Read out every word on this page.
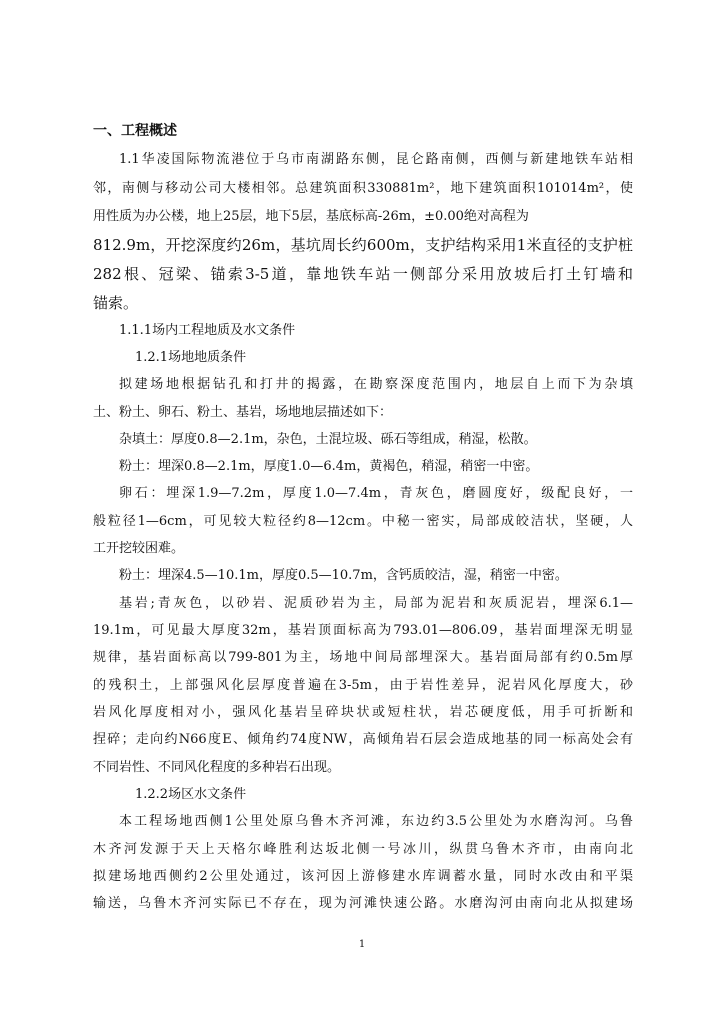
一、工程概述
1.1华凌国际物流港位于乌市南湖路东侧，昆仑路南侧，西侧与新建地铁车站相
邻，南侧与移动公司大楼相邻。总建筑面积330881m²，地下建筑面积101014m²，使
用性质为办公楼，地上25层，地下5层，基底标高-26m，±0.00绝对高程为
812.9m，开挖深度约26m，基坑周长约600m，支护结构采用1米直径的支护桩
282根、冠梁、锚索3-5道，靠地铁车站一侧部分采用放坡后打土钉墙和
锚索。
1.1.1场内工程地质及水文条件
1.2.1场地地质条件
拟建场地根据钻孔和打井的揭露，在勘察深度范围内，地层自上而下为杂填
土、粉土、卵石、粉土、基岩，场地地层描述如下：
杂填土：厚度0.8—2.1m，杂色，土混垃圾、砾石等组成，稍湿，松散。
粉土：埋深0.8—2.1m，厚度1.0—6.4m，黄褐色，稍湿，稍密一中密。
卵石：埋深1.9—7.2m，厚度1.0—7.4m，青灰色，磨圆度好，级配良好，一
般粒径1—6cm，可见较大粒径约8—12cm。中秘一密实，局部成皎洁状，坚硬，人
工开挖较困难。
粉土：埋深4.5—10.1m，厚度0.5—10.7m，含钙质皎洁，湿，稍密一中密。
基岩;青灰色，以砂岩、泥质砂岩为主，局部为泥岩和灰质泥岩，埋深6.1—
19.1m，可见最大厚度32m，基岩顶面标高为793.01—806.09，基岩面埋深无明显
规律，基岩面标高以799-801为主，场地中间局部埋深大。基岩面局部有约0.5m厚
的残积土，上部强风化层厚度普遍在3-5m，由于岩性差异，泥岩风化厚度大，砂
岩风化厚度相对小，强风化基岩呈碎块状或短柱状，岩芯硬度低，用手可折断和
捏碎；走向约N66度E、倾角约74度NW，高倾角岩石层会造成地基的同一标高处会有
不同岩性、不同风化程度的多种岩石出现。
1.2.2场区水文条件
本工程场地西侧1公里处原乌鲁木齐河滩，东边约3.5公里处为水磨沟河。乌鲁
木齐河发源于天上天格尔峰胜利达坂北侧一号冰川，纵贯乌鲁木齐市，由南向北
拟建场地西侧约2公里处通过，该河因上游修建水库调蓄水量，同时水改由和平渠
输送，乌鲁木齐河实际已不存在，现为河滩快速公路。水磨沟河由南向北从拟建场
1
